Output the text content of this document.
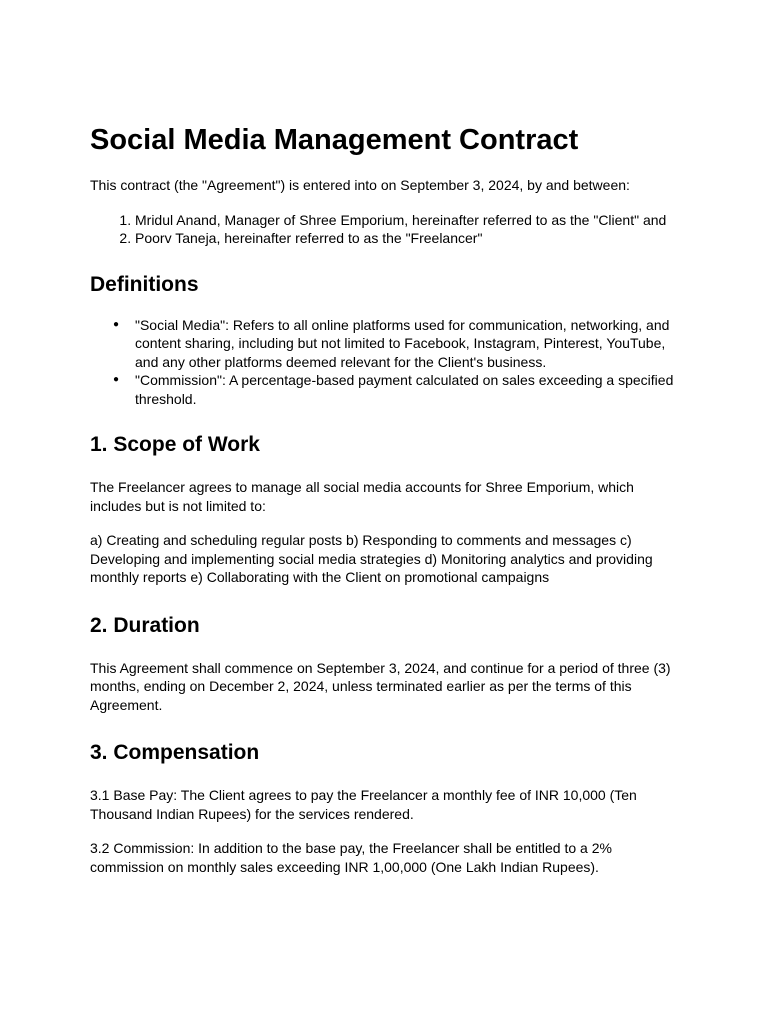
Social Media Management Contract

This contract (the "Agreement") is entered into on September 3, 2024, by and between:

1. Mridul Anand, Manager of Shree Emporium, hereinafter referred to as the "Client" and
2. Poorv Taneja, hereinafter referred to as the "Freelancer"
Definitions
● "Social Media": Refers to all online platforms used for communication, networking, and content sharing, including but not limited to Facebook, Instagram, Pinterest, YouTube, and any other platforms deemed relevant for the Client's business.
● "Commission": A percentage-based payment calculated on sales exceeding a specified threshold.
1. Scope of Work

The Freelancer agrees to manage all social media accounts for Shree Emporium, which includes but is not limited to:

a) Creating and scheduling regular posts b) Responding to comments and messages c) Developing and implementing social media strategies d) Monitoring analytics and providing monthly reports e) Collaborating with the Client on promotional campaigns

2. Duration

This Agreement shall commence on September 3, 2024, and continue for a period of three (3) months, ending on December 2, 2024, unless terminated earlier as per the terms of this Agreement.

3. Compensation

3.1 Base Pay: The Client agrees to pay the Freelancer a monthly fee of INR 10,000 (Ten Thousand Indian Rupees) for the services rendered.

3.2 Commission: In addition to the base pay, the Freelancer shall be entitled to a 2% commission on monthly sales exceeding INR 1,00,000 (One Lakh Indian Rupees).
